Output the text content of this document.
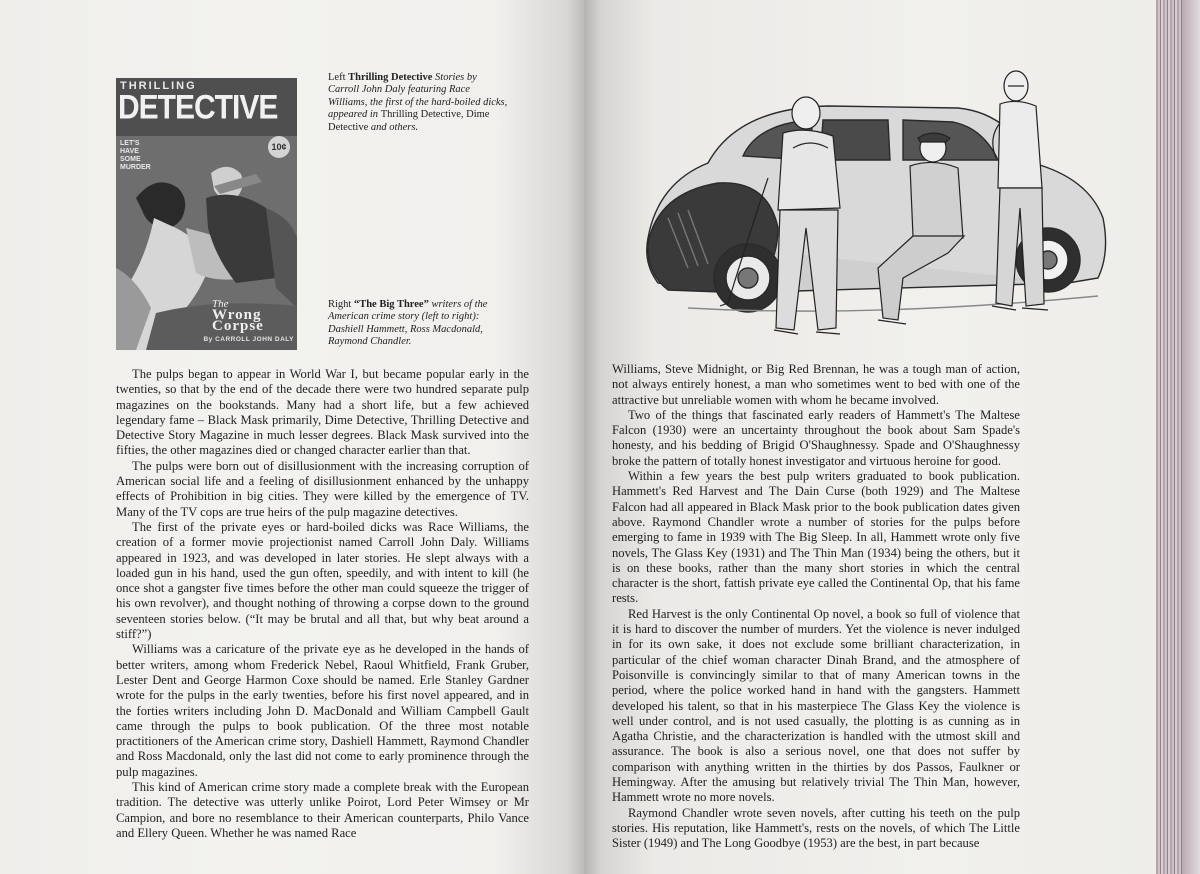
THRILLING
DETECTIVE
10¢
LET'S HAVE SOME MURDER
The
Wrong Corpse
By CARROLL JOHN DALY
Left Thrilling Detective Stories by Carroll John Daly featuring Race Williams, the first of the hard-boiled dicks, appeared in Thrilling Detective, Dime Detective and others.
Right “The Big Three” writers of the American crime story (left to right): Dashiell Hammett, Ross Macdonald, Raymond Chandler.

The pulps began to appear in World War I, but became popular early in the twenties, so that by the end of the decade there were two hundred separate pulp magazines on the bookstands. Many had a short life, but a few achieved legendary fame – Black Mask primarily, Dime Detective, Thrilling Detective and Detective Story Magazine in much lesser degrees. Black Mask survived into the fifties, the other magazines died or changed character earlier than that.

The pulps were born out of disillusionment with the increasing corruption of American social life and a feeling of disillusionment enhanced by the unhappy effects of Prohibition in big cities. They were killed by the emergence of TV. Many of the TV cops are true heirs of the pulp magazine detectives.

The first of the private eyes or hard-boiled dicks was Race Williams, the creation of a former movie projectionist named Carroll John Daly. Williams appeared in 1923, and was developed in later stories. He slept always with a loaded gun in his hand, used the gun often, speedily, and with intent to kill (he once shot a gangster five times before the other man could squeeze the trigger of his own revolver), and thought nothing of throwing a corpse down to the ground seventeen stories below. (“It may be brutal and all that, but why beat around a stiff?”)

Williams was a caricature of the private eye as he developed in the hands of better writers, among whom Frederick Nebel, Raoul Whitfield, Frank Gruber, Lester Dent and George Harmon Coxe should be named. Erle Stanley Gardner wrote for the pulps in the early twenties, before his first novel appeared, and in the forties writers including John D. MacDonald and William Campbell Gault came through the pulps to book publication. Of the three most notable practitioners of the American crime story, Dashiell Hammett, Raymond Chandler and Ross Macdonald, only the last did not come to early prominence through the pulp magazines.

This kind of American crime story made a complete break with the European tradition. The detective was utterly unlike Poirot, Lord Peter Wimsey or Mr Campion, and bore no resemblance to their American counterparts, Philo Vance and Ellery Queen. Whether he was named Race

Williams, Steve Midnight, or Big Red Brennan, he was a tough man of action, not always entirely honest, a man who sometimes went to bed with one of the attractive but unreliable women with whom he became involved.

Two of the things that fascinated early readers of Hammett's The Maltese Falcon (1930) were an uncertainty throughout the book about Sam Spade's honesty, and his bedding of Brigid O'Shaughnessy. Spade and O'Shaughnessy broke the pattern of totally honest investigator and virtuous heroine for good.

Within a few years the best pulp writers graduated to book publication. Hammett's Red Harvest and The Dain Curse (both 1929) and The Maltese Falcon had all appeared in Black Mask prior to the book publication dates given above. Raymond Chandler wrote a number of stories for the pulps before emerging to fame in 1939 with The Big Sleep. In all, Hammett wrote only five novels, The Glass Key (1931) and The Thin Man (1934) being the others, but it is on these books, rather than the many short stories in which the central character is the short, fattish private eye called the Continental Op, that his fame rests.

Red Harvest is the only Continental Op novel, a book so full of violence that it is hard to discover the number of murders. Yet the violence is never indulged in for its own sake, it does not exclude some brilliant characterization, in particular of the chief woman character Dinah Brand, and the atmosphere of Poisonville is convincingly similar to that of many American towns in the period, where the police worked hand in hand with the gangsters. Hammett developed his talent, so that in his masterpiece The Glass Key the violence is well under control, and is not used casually, the plotting is as cunning as in Agatha Christie, and the characterization is handled with the utmost skill and assurance. The book is also a serious novel, one that does not suffer by comparison with anything written in the thirties by dos Passos, Faulkner or Hemingway. After the amusing but relatively trivial The Thin Man, however, Hammett wrote no more novels.

Raymond Chandler wrote seven novels, after cutting his teeth on the pulp stories. His reputation, like Hammett's, rests on the novels, of which The Little Sister (1949) and The Long Goodbye (1953) are the best, in part because
